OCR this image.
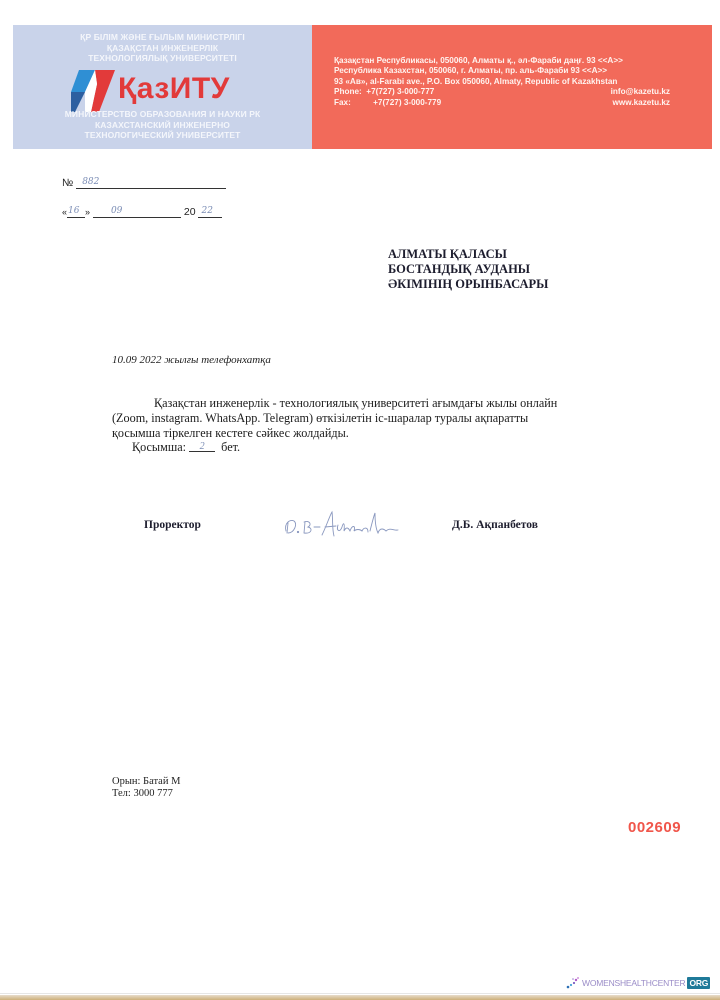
ҚР БІЛІМ ЖӘНЕ ҒЫЛЫМ МИНИСТРЛІГІ
ҚАЗАҚСТАН ИНЖЕНЕРЛІК
ТЕХНОЛОГИЯЛЫҚ УНИВЕРСИТЕТІ
ҚазИТУ
МИНИСТЕРСТВО ОБРАЗОВАНИЯ И НАУКИ РК
КАЗАХСТАНСКИЙ ИНЖЕНЕРНО
ТЕХНОЛОГИЧЕСКИЙ УНИВЕРСИТЕТ
Қазақстан Республикасы, 050060, Алматы қ., әл-Фараби даңғ. 93 <<А>>
Республика Казахстан, 050060, г. Алматы, пр. аль-Фараби 93 <<А>>
93 «Ав», al-Farabi ave., P.O. Box 050060, Almaty, Republic of Kazakhstan
Phone: +7(727) 3-000-777	info@kazetu.kz
Fax:	+7(727) 3-000-779	www.kazetu.kz
№ 882
« 16 » 09	20 22
АЛМАТЫ ҚАЛАСЫ
БОСТАНДЫҚ АУДАНЫ
ӘКІМІНІҢ ОРЫНБАСАРЫ
10.09 2022 жылғы телефонхатқа

Қазақстан инженерлік - технологиялық университеті ағымдағы жылы онлайн (Zoom, instagram. WhatsApp. Telegram) өткізілетін іс-шаралар туралы ақпаратты қосымша тіркелген кестеге сәйкес жолдайды.

Қосымша: 2 бет.
Проректор	Д.Б. Ақпанбетов
Орын: Батай М
Тел: 3000 777
002609
WOMENSHEALTHCENTER ORG
